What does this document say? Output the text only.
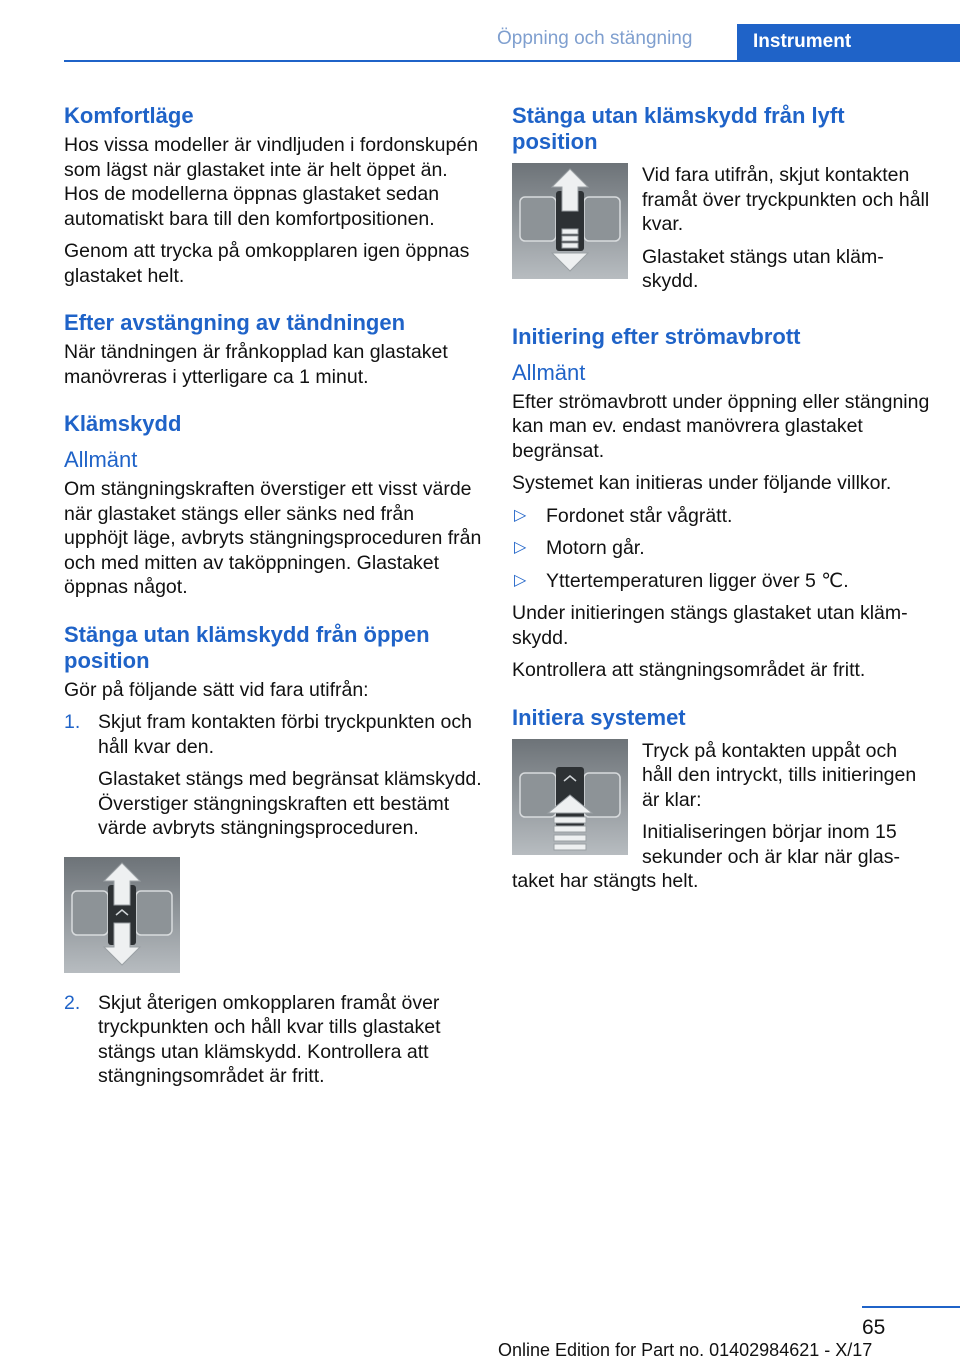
Öppning och stängning	Instrument
Komfortläge

Hos vissa modeller är vindljuden i fordonskupén som lägst när glastaket inte är helt öppet än. Hos de modellerna öppnas glastaket sedan automatiskt bara till den komfortpositionen.

Genom att trycka på omkopplaren igen öppnas glastaket helt.

Efter avstängning av tändningen

När tändningen är frånkopplad kan glastaket manövreras i ytterligare ca 1 minut.

Klämskydd
Allmänt

Om stängningskraften överstiger ett visst värde när glastaket stängs eller sänks ned från upphöjt läge, avbryts stängningsproceduren från och med mitten av taköppningen. Glastaket öppnas något.

Stänga utan klämskydd från öppen position

Gör på följande sätt vid fara utifrån:

1. Skjut fram kontakten förbi tryckpunkten och håll kvar den.

Glastaket stängs med begränsat klämskydd. Överstiger stängningskraften ett bestämt värde avbryts stängningsproceduren.

2. Skjut återigen omkopplaren framåt över tryckpunkten och håll kvar tills glastaket stängs utan klämskydd. Kontrollera att stängningsområdet är fritt.
Stänga utan klämskydd från lyft position

Vid fara utifrån, skjut kontakten framåt över tryckpunkten och håll kvar.

Glastaket stängs utan klämskydd.

Initiering efter strömavbrott
Allmänt

Efter strömavbrott under öppning eller stängning kan man ev. endast manövrera glastaket begränsat.

Systemet kan initieras under följande villkor.

▷ Fordonet står vågrätt.
▷ Motorn går.
▷ Yttertemperaturen ligger över 5 ℃.

Under initieringen stängs glastaket utan klämskydd.

Kontrollera att stängningsområdet är fritt.

Initiera systemet

Tryck på kontakten uppåt och håll den intryckt, tills initieringen är klar:

Initialiseringen börjar inom 15 sekunder och är klar när glastaket har stängts helt.

65
Online Edition for Part no. 01402984621 - X/17
